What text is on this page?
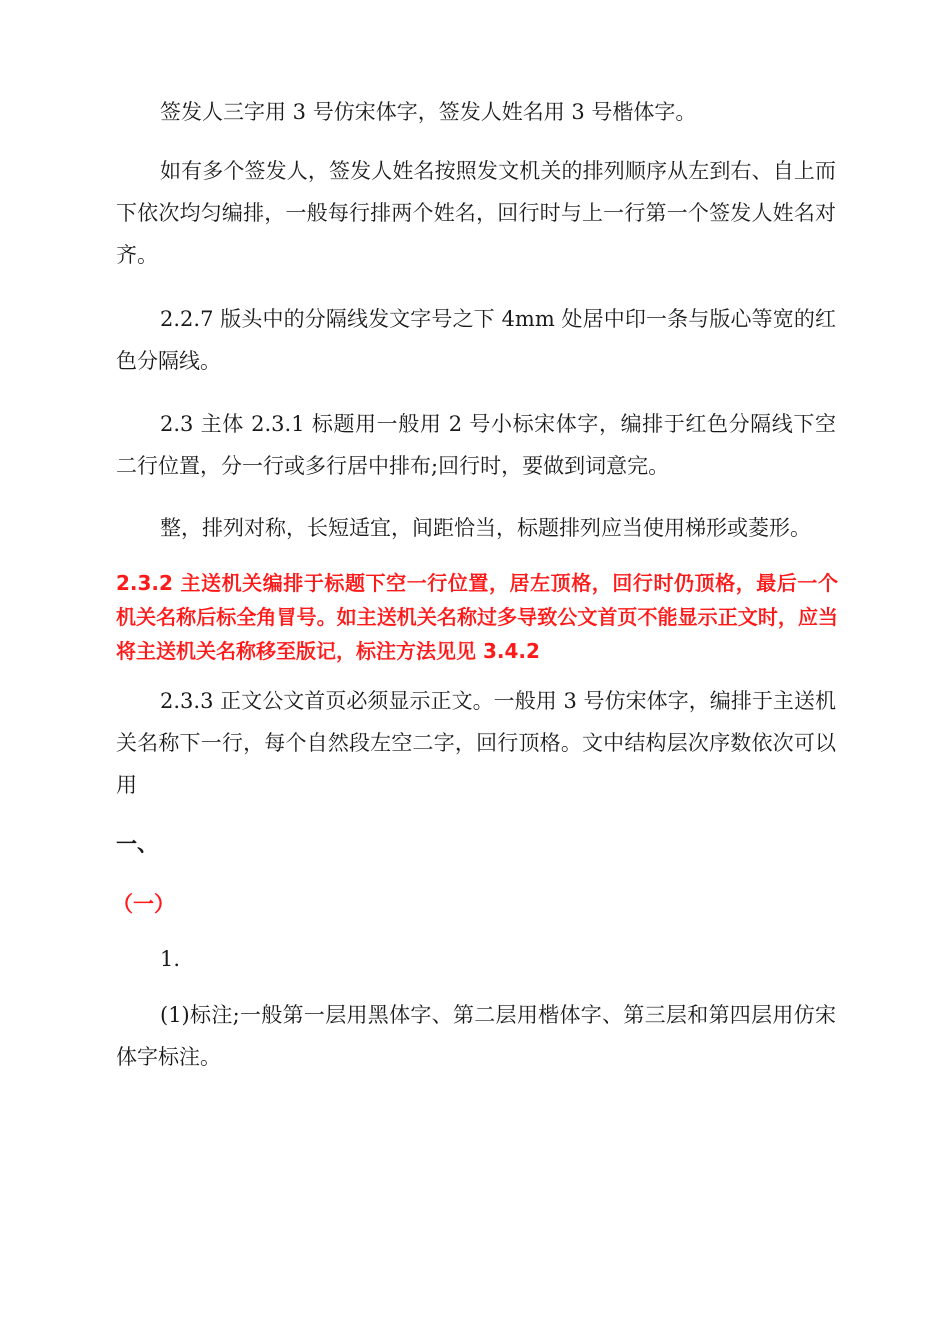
签发人三字用 3 号仿宋体字，签发人姓名用 3 号楷体字。

如有多个签发人，签发人姓名按照发文机关的排列顺序从左到右、自上而下依次均匀编排，一般每行排两个姓名，回行时与上一行第一个签发人姓名对齐。

2.2.7 版头中的分隔线发文字号之下 4mm 处居中印一条与版心等宽的红色分隔线。

2.3 主体 2.3.1 标题用一般用 2 号小标宋体字，编排于红色分隔线下空二行位置，分一行或多行居中排布;回行时，要做到词意完。

整，排列对称，长短适宜，间距恰当，标题排列应当使用梯形或菱形。

2.3.2 主送机关编排于标题下空一行位置，居左顶格，回行时仍顶格，最后一个机关名称后标全角冒号。如主送机关名称过多导致公文首页不能显示正文时，应当将主送机关名称移至版记，标注方法见见 3.4.2

2.3.3 正文公文首页必须显示正文。一般用 3 号仿宋体字，编排于主送机关名称下一行，每个自然段左空二字，回行顶格。文中结构层次序数依次可以用

一、

（一）

1.

(1)标注;一般第一层用黑体字、第二层用楷体字、第三层和第四层用仿宋体字标注。
